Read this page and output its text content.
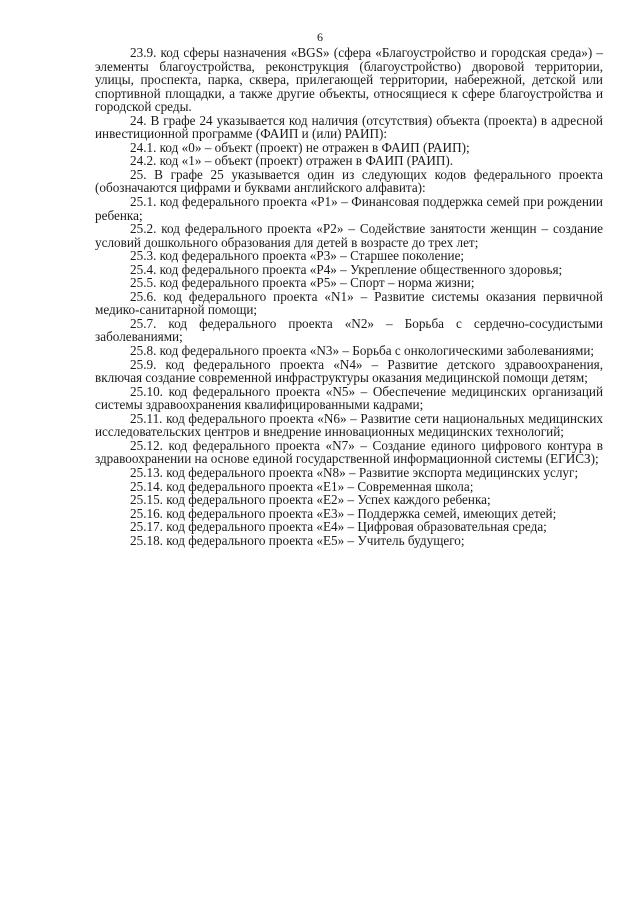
6

23.9. код сферы назначения «BGS» (сфера «Благоустройство и городская среда») – элементы благоустройства, реконструкция (благоустройство) дворовой территории, улицы, проспекта, парка, сквера, прилегающей территории, набережной, детской или спортивной площадки, а также другие объекты, относящиеся к сфере благоустройства и городской среды.

24. В графе 24 указывается код наличия (отсутствия) объекта (проекта) в адресной инвестиционной программе (ФАИП и (или) РАИП):

24.1. код «0» – объект (проект) не отражен в ФАИП (РАИП);

24.2. код «1» – объект (проект) отражен в ФАИП (РАИП).

25. В графе 25 указывается один из следующих кодов федерального проекта (обозначаются цифрами и буквами английского алфавита):

25.1. код федерального проекта «P1» – Финансовая поддержка семей при рождении ребенка;

25.2. код федерального проекта «P2» – Содействие занятости женщин – создание условий дошкольного образования для детей в возрасте до трех лет;

25.3. код федерального проекта «P3» – Старшее поколение;

25.4. код федерального проекта «P4» – Укрепление общественного здоровья;

25.5. код федерального проекта «P5» – Спорт – норма жизни;

25.6. код федерального проекта «N1» – Развитие системы оказания первичной медико-санитарной помощи;

25.7. код федерального проекта «N2» – Борьба с сердечно-сосудистыми заболеваниями;

25.8. код федерального проекта «N3» – Борьба с онкологическими заболеваниями;

25.9. код федерального проекта «N4» – Развитие детского здравоохранения, включая создание современной инфраструктуры оказания медицинской помощи детям;

25.10. код федерального проекта «N5» – Обеспечение медицинских организаций системы здравоохранения квалифицированными кадрами;

25.11. код федерального проекта «N6» – Развитие сети национальных медицинских исследовательских центров и внедрение инновационных медицинских технологий;

25.12. код федерального проекта «N7» – Создание единого цифрового контура в здравоохранении на основе единой государственной информационной системы (ЕГИСЗ);

25.13. код федерального проекта «N8» – Развитие экспорта медицинских услуг;

25.14. код федерального проекта «E1» – Современная школа;

25.15. код федерального проекта «E2» – Успех каждого ребенка;

25.16. код федерального проекта «E3» – Поддержка семей, имеющих детей;

25.17. код федерального проекта «E4» – Цифровая образовательная среда;

25.18. код федерального проекта «E5» – Учитель будущего;
